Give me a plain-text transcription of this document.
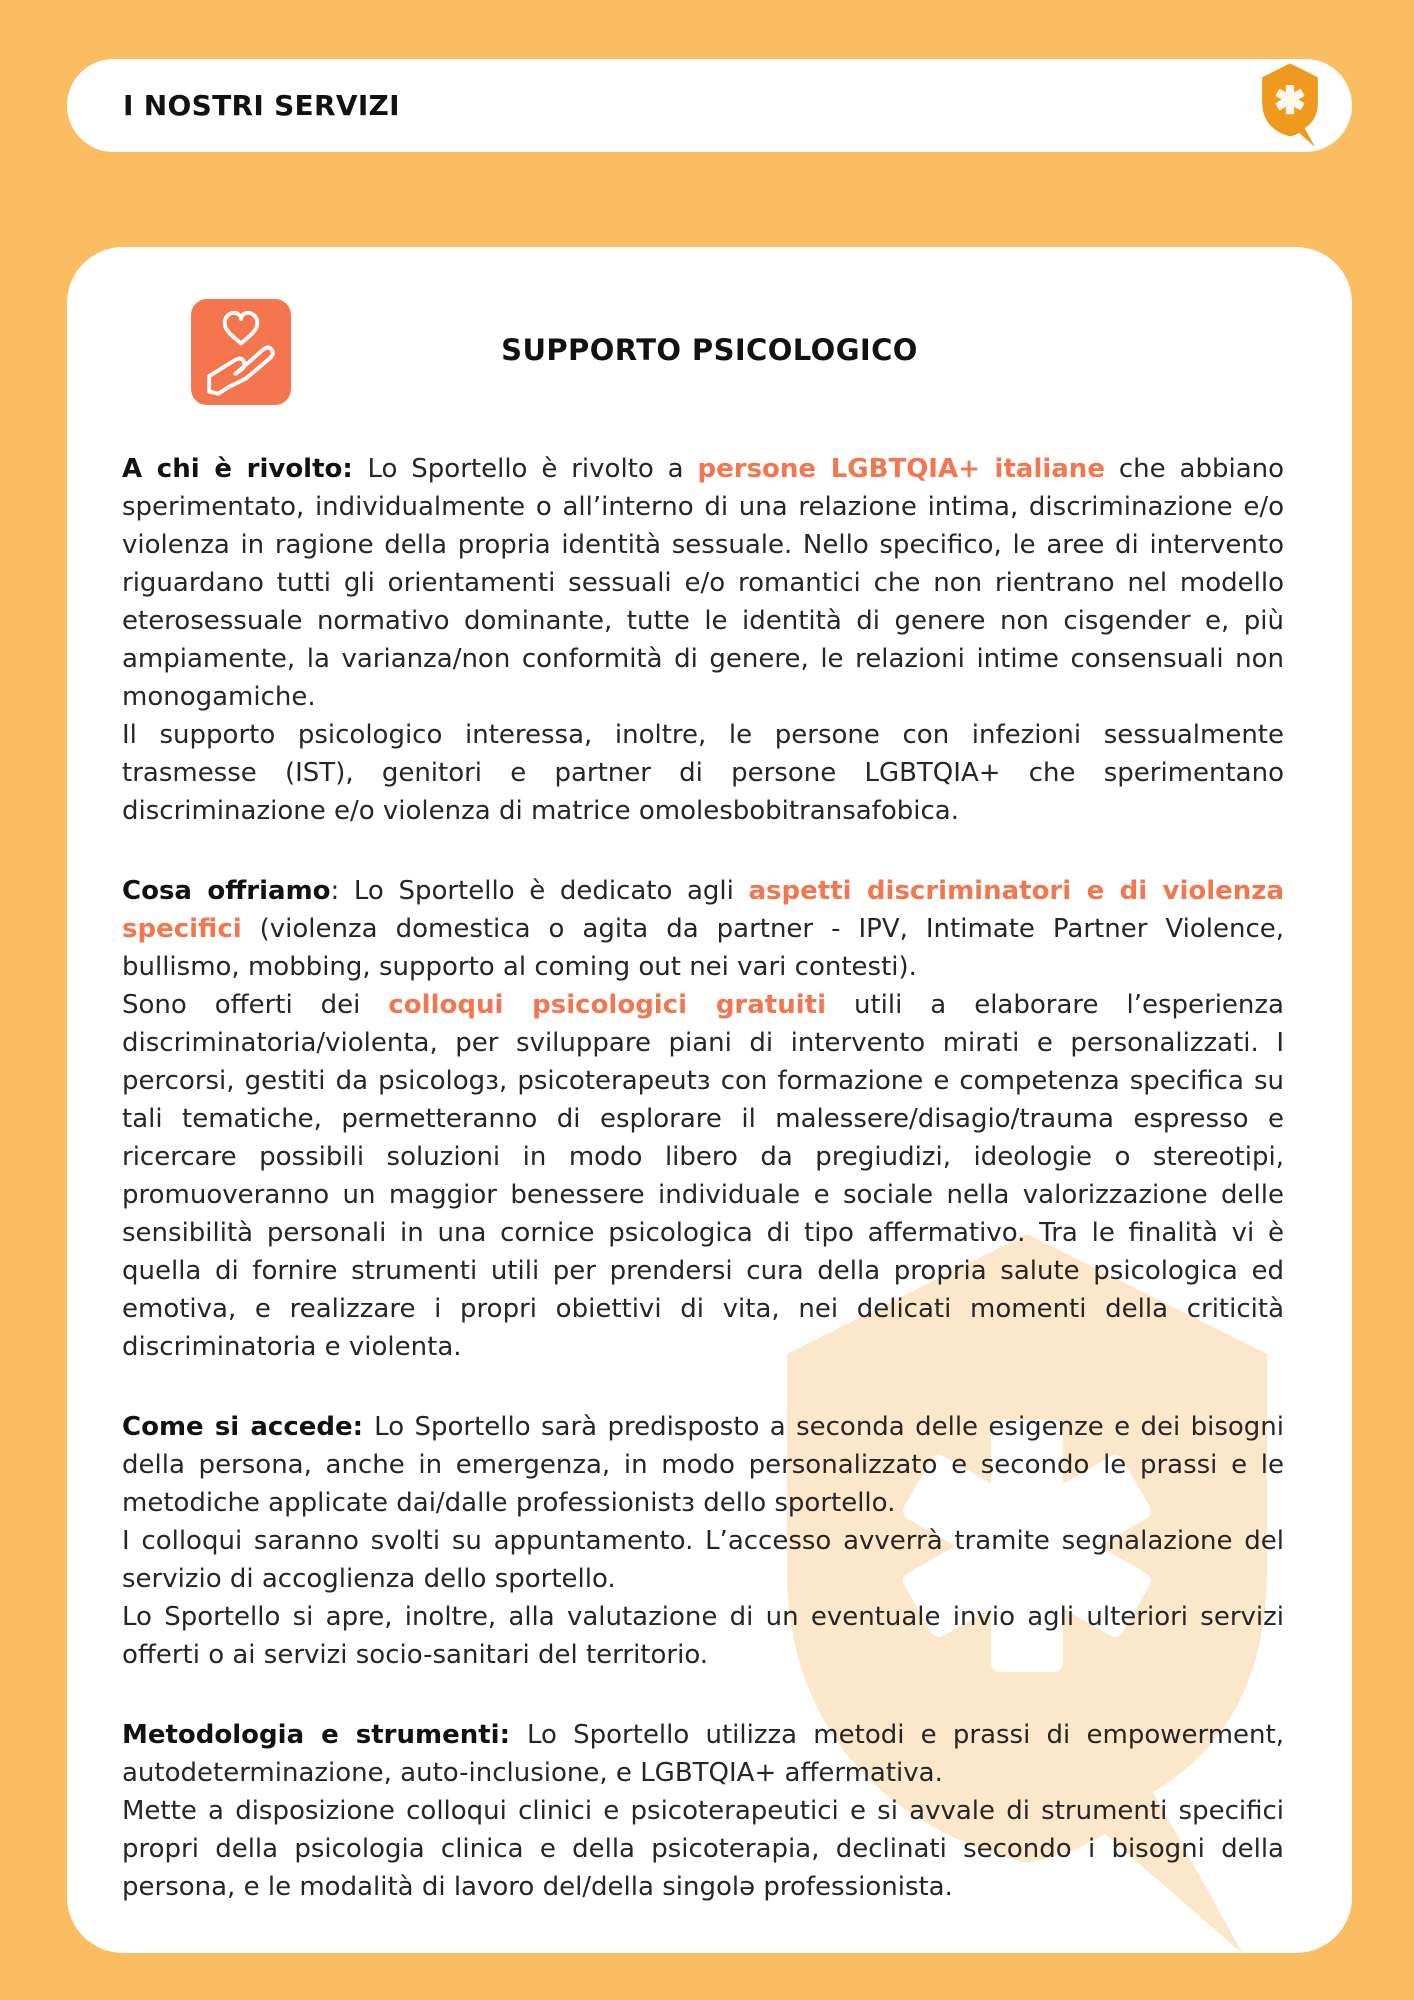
I NOSTRI SERVIZI
SUPPORTO PSICOLOGICO
A chi è rivolto: Lo Sportello è rivolto a persone LGBTQIA+ italiane che abbiano sperimentato, individualmente o all’interno di una relazione intima, discriminazione e/o violenza in ragione della propria identità sessuale. Nello specifico, le aree di intervento riguardano tutti gli orientamenti sessuali e/o romantici che non rientrano nel modello eterosessuale normativo dominante, tutte le identità di genere non cisgender e, più ampiamente, la varianza/non conformità di genere, le relazioni intime consensuali non monogamiche.
Il supporto psicologico interessa, inoltre, le persone con infezioni sessualmente trasmesse (IST), genitori e partner di persone LGBTQIA+ che sperimentano discriminazione e/o violenza di matrice omolesbobitransafobica.
Cosa offriamo: Lo Sportello è dedicato agli aspetti discriminatori e di violenza specifici (violenza domestica o agita da partner - IPV, Intimate Partner Violence, bullismo, mobbing, supporto al coming out nei vari contesti).
Sono offerti dei colloqui psicologici gratuiti utili a elaborare l’esperienza discriminatoria/violenta, per sviluppare piani di intervento mirati e personalizzati. I percorsi, gestiti da psicologɜ, psicoterapeutɜ con formazione e competenza specifica su tali tematiche, permetteranno di esplorare il malessere/disagio/trauma espresso e ricercare possibili soluzioni in modo libero da pregiudizi, ideologie o stereotipi, promuoveranno un maggior benessere individuale e sociale nella valorizzazione delle sensibilità personali in una cornice psicologica di tipo affermativo. Tra le finalità vi è quella di fornire strumenti utili per prendersi cura della propria salute psicologica ed emotiva, e realizzare i propri obiettivi di vita, nei delicati momenti della criticità discriminatoria e violenta.
Come si accede: Lo Sportello sarà predisposto a seconda delle esigenze e dei bisogni della persona, anche in emergenza, in modo personalizzato e secondo le prassi e le metodiche applicate dai/dalle professionistɜ dello sportello.
I colloqui saranno svolti su appuntamento. L’accesso avverrà tramite segnalazione del servizio di accoglienza dello sportello.
Lo Sportello si apre, inoltre, alla valutazione di un eventuale invio agli ulteriori servizi offerti o ai servizi socio-sanitari del territorio.
Metodologia e strumenti: Lo Sportello utilizza metodi e prassi di empowerment, autodeterminazione, auto-inclusione, e LGBTQIA+ affermativa.
Mette a disposizione colloqui clinici e psicoterapeutici e si avvale di strumenti specifici propri della psicologia clinica e della psicoterapia, declinati secondo i bisogni della persona, e le modalità di lavoro del/della singolə professionista.
